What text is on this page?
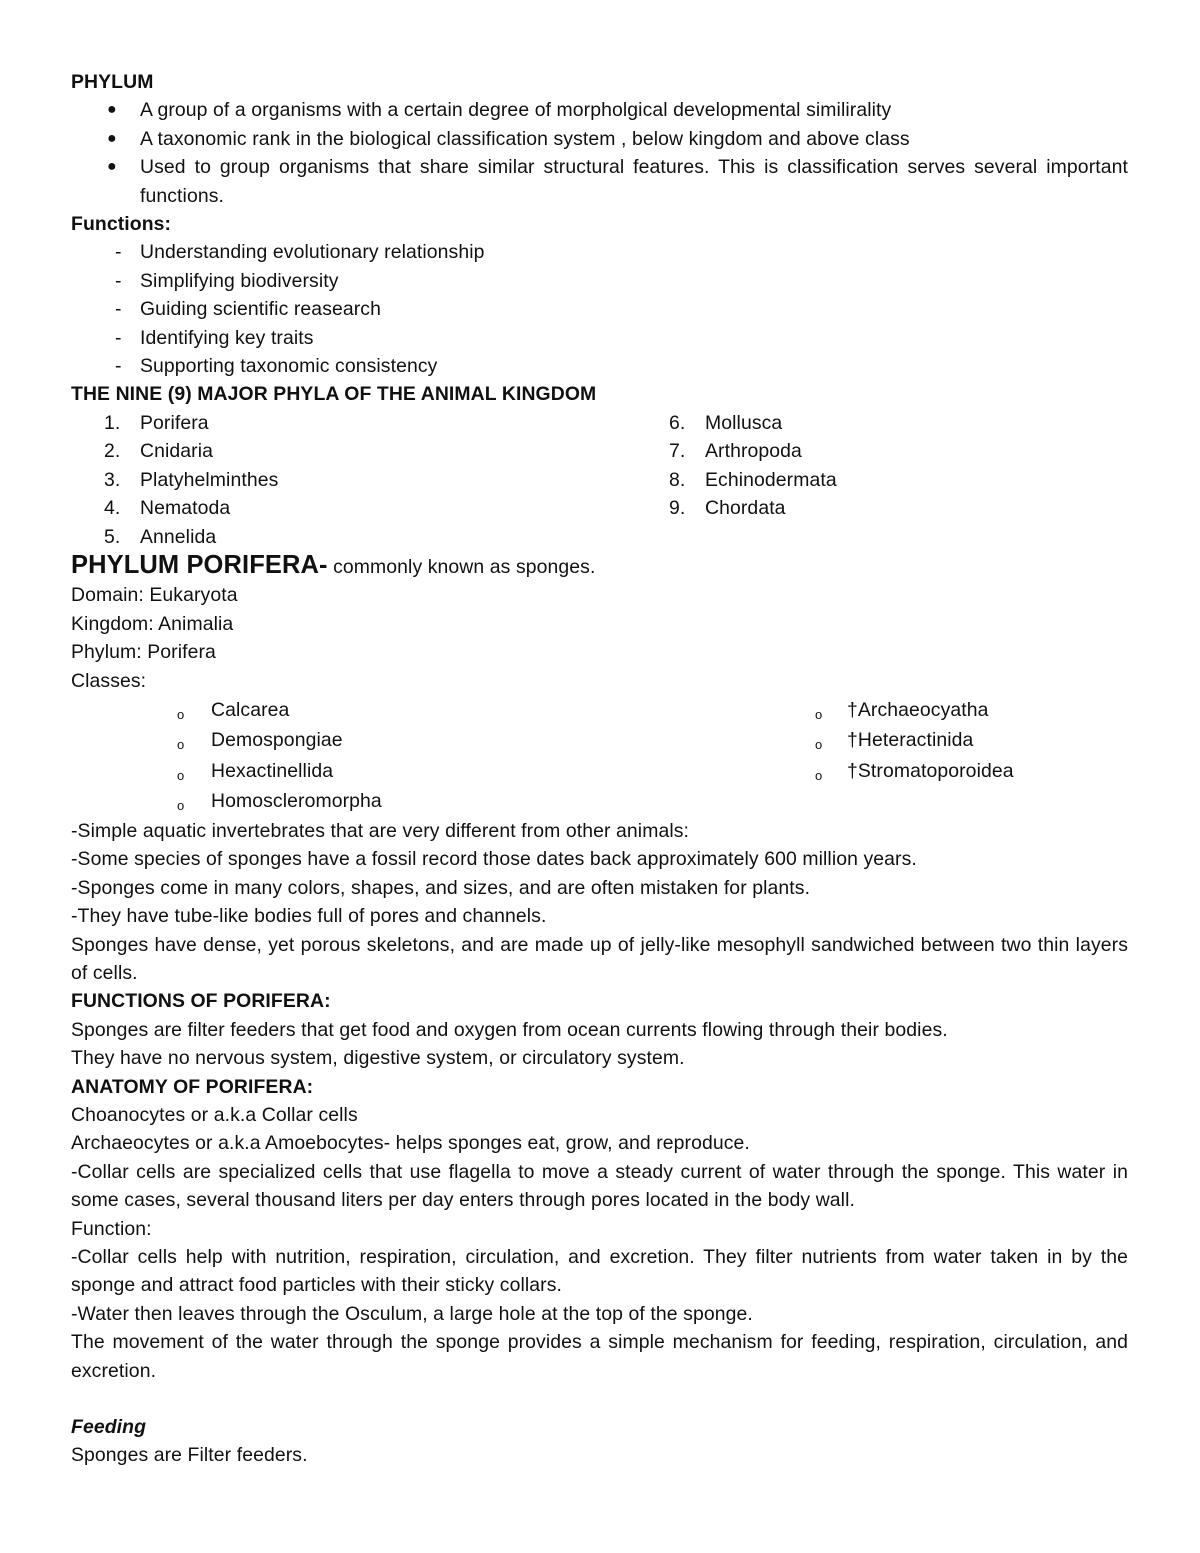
PHYLUM

● A group of a organisms with a certain degree of morpholgical developmental similirality
● A taxonomic rank in the biological classification system , below kingdom and above class
● Used to group organisms that share similar structural features. This is classification serves several important functions.

Functions:

- Understanding evolutionary relationship
- Simplifying biodiversity
- Guiding scientific reasearch
- Identifying key traits
- Supporting taxonomic consistency

THE NINE (9) MAJOR PHYLA OF THE ANIMAL KINGDOM

1. Porifera
2. Cnidaria
3. Platyhelminthes
4. Nematoda
5. Annelida
6. Mollusca
7. Arthropoda
8. Echinodermata
9. Chordata

PHYLUM PORIFERA- commonly known as sponges.

Domain: Eukaryota

Kingdom: Animalia

Phylum: Porifera

Classes:

o Calcarea
o Demospongiae
o Hexactinellida
o Homoscleromorpha
o †Archaeocyatha
o †Heteractinida
o †Stromatoporoidea

-Simple aquatic invertebrates that are very different from other animals:

-Some species of sponges have a fossil record those dates back approximately 600 million years.

-Sponges come in many colors, shapes, and sizes, and are often mistaken for plants.

-They have tube-like bodies full of pores and channels.

Sponges have dense, yet porous skeletons, and are made up of jelly-like mesophyll sandwiched between two thin layers of cells.

FUNCTIONS OF PORIFERA:

Sponges are filter feeders that get food and oxygen from ocean currents flowing through their bodies.

They have no nervous system, digestive system, or circulatory system.

ANATOMY OF PORIFERA:

Choanocytes or a.k.a Collar cells

Archaeocytes or a.k.a Amoebocytes- helps sponges eat, grow, and reproduce.

-Collar cells are specialized cells that use flagella to move a steady current of water through the sponge. This water in some cases, several thousand liters per day enters through pores located in the body wall.

Function:

-Collar cells help with nutrition, respiration, circulation, and excretion. They filter nutrients from water taken in by the sponge and attract food particles with their sticky collars.

-Water then leaves through the Osculum, a large hole at the top of the sponge.

The movement of the water through the sponge provides a simple mechanism for feeding, respiration, circulation, and excretion.

Feeding

Sponges are Filter feeders.
